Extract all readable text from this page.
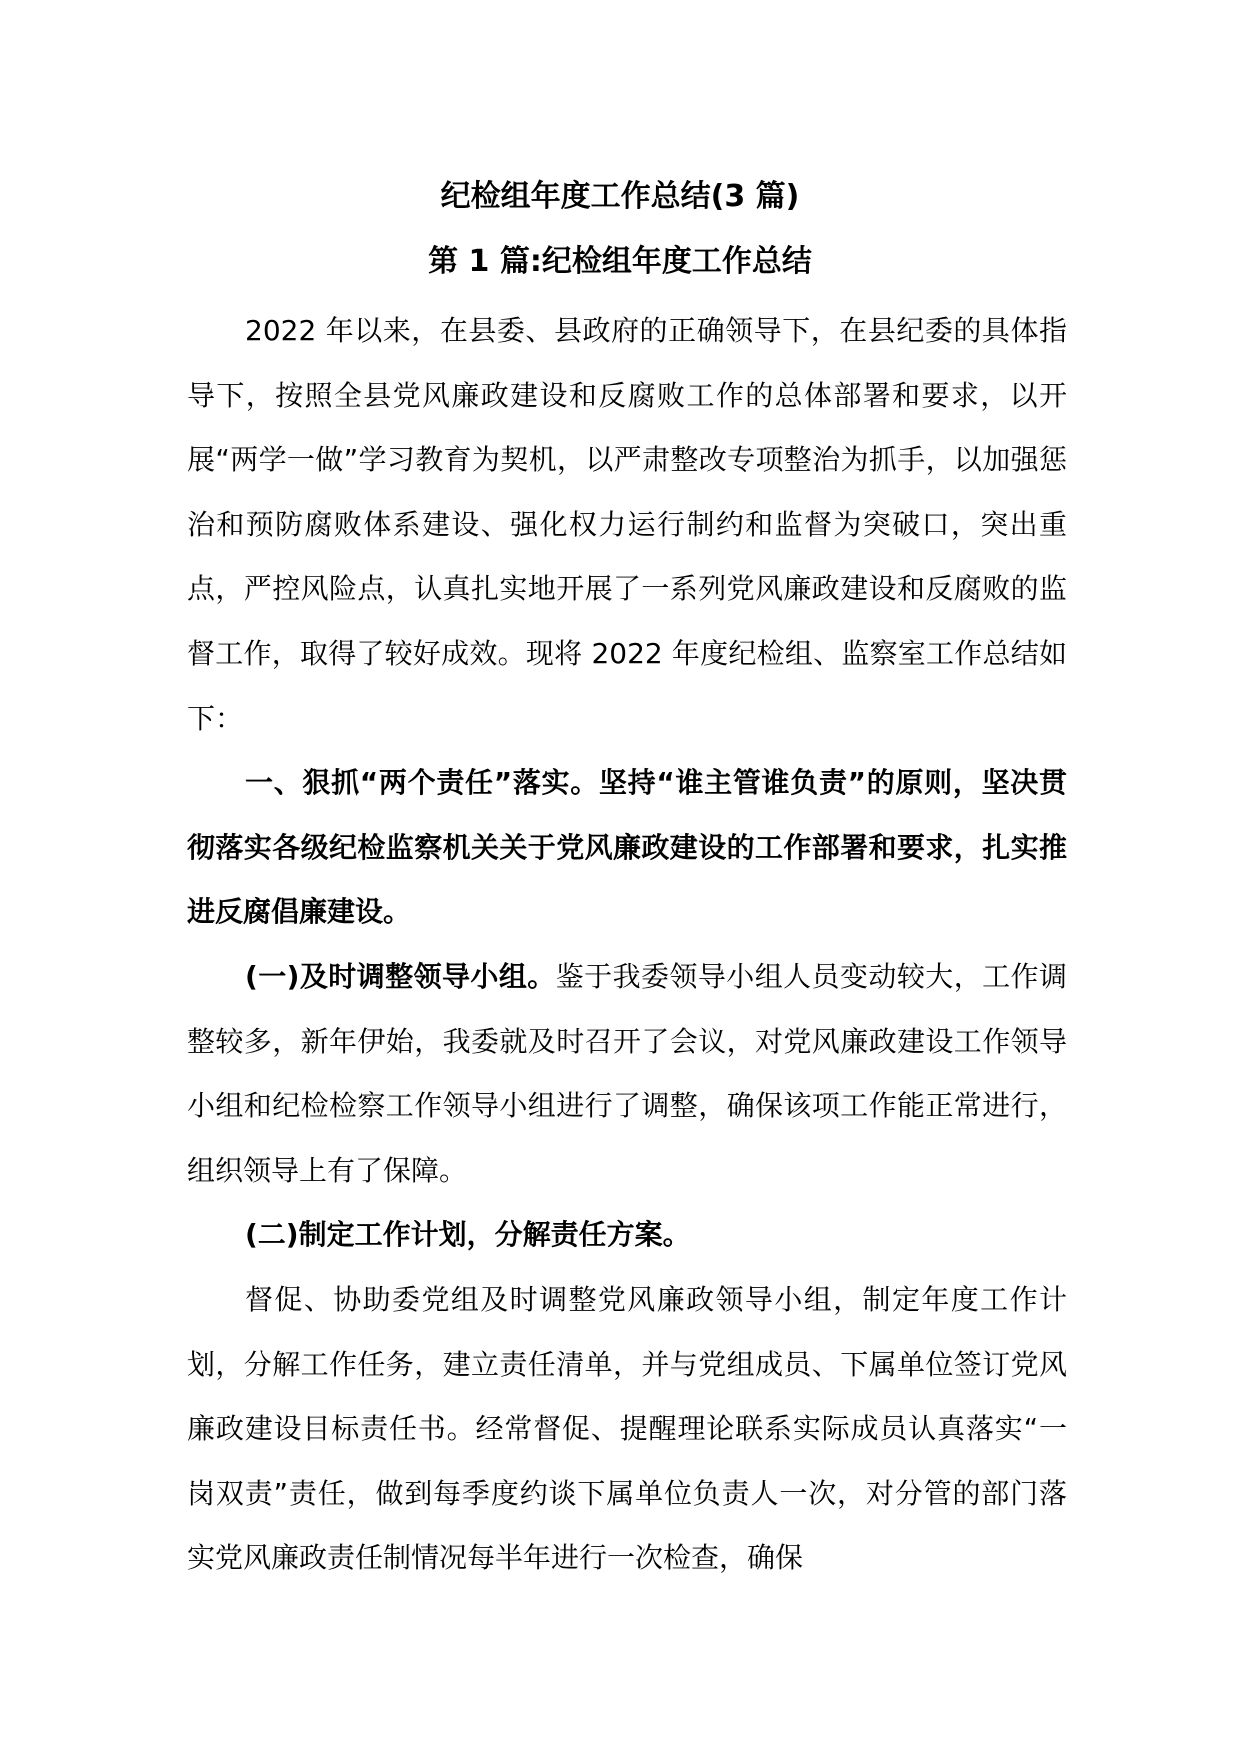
纪检组年度工作总结(3 篇)
第 1 篇:纪检组年度工作总结

2022 年以来，在县委、县政府的正确领导下，在县纪委的具体指导下，按照全县党风廉政建设和反腐败工作的总体部署和要求，以开展“两学一做”学习教育为契机，以严肃整改专项整治为抓手，以加强惩治和预防腐败体系建设、强化权力运行制约和监督为突破口，突出重点，严控风险点，认真扎实地开展了一系列党风廉政建设和反腐败的监督工作，取得了较好成效。现将 2022 年度纪检组、监察室工作总结如下：

一、狠抓“两个责任”落实。坚持“谁主管谁负责”的原则，坚决贯彻落实各级纪检监察机关关于党风廉政建设的工作部署和要求，扎实推进反腐倡廉建设。

(一)及时调整领导小组。鉴于我委领导小组人员变动较大，工作调整较多，新年伊始，我委就及时召开了会议，对党风廉政建设工作领导小组和纪检检察工作领导小组进行了调整，确保该项工作能正常进行，组织领导上有了保障。

(二)制定工作计划，分解责任方案。

督促、协助委党组及时调整党风廉政领导小组，制定年度工作计划，分解工作任务，建立责任清单，并与党组成员、下属单位签订党风廉政建设目标责任书。经常督促、提醒理论联系实际成员认真落实“一岗双责”责任，做到每季度约谈下属单位负责人一次，对分管的部门落实党风廉政责任制情况每半年进行一次检查，确保
